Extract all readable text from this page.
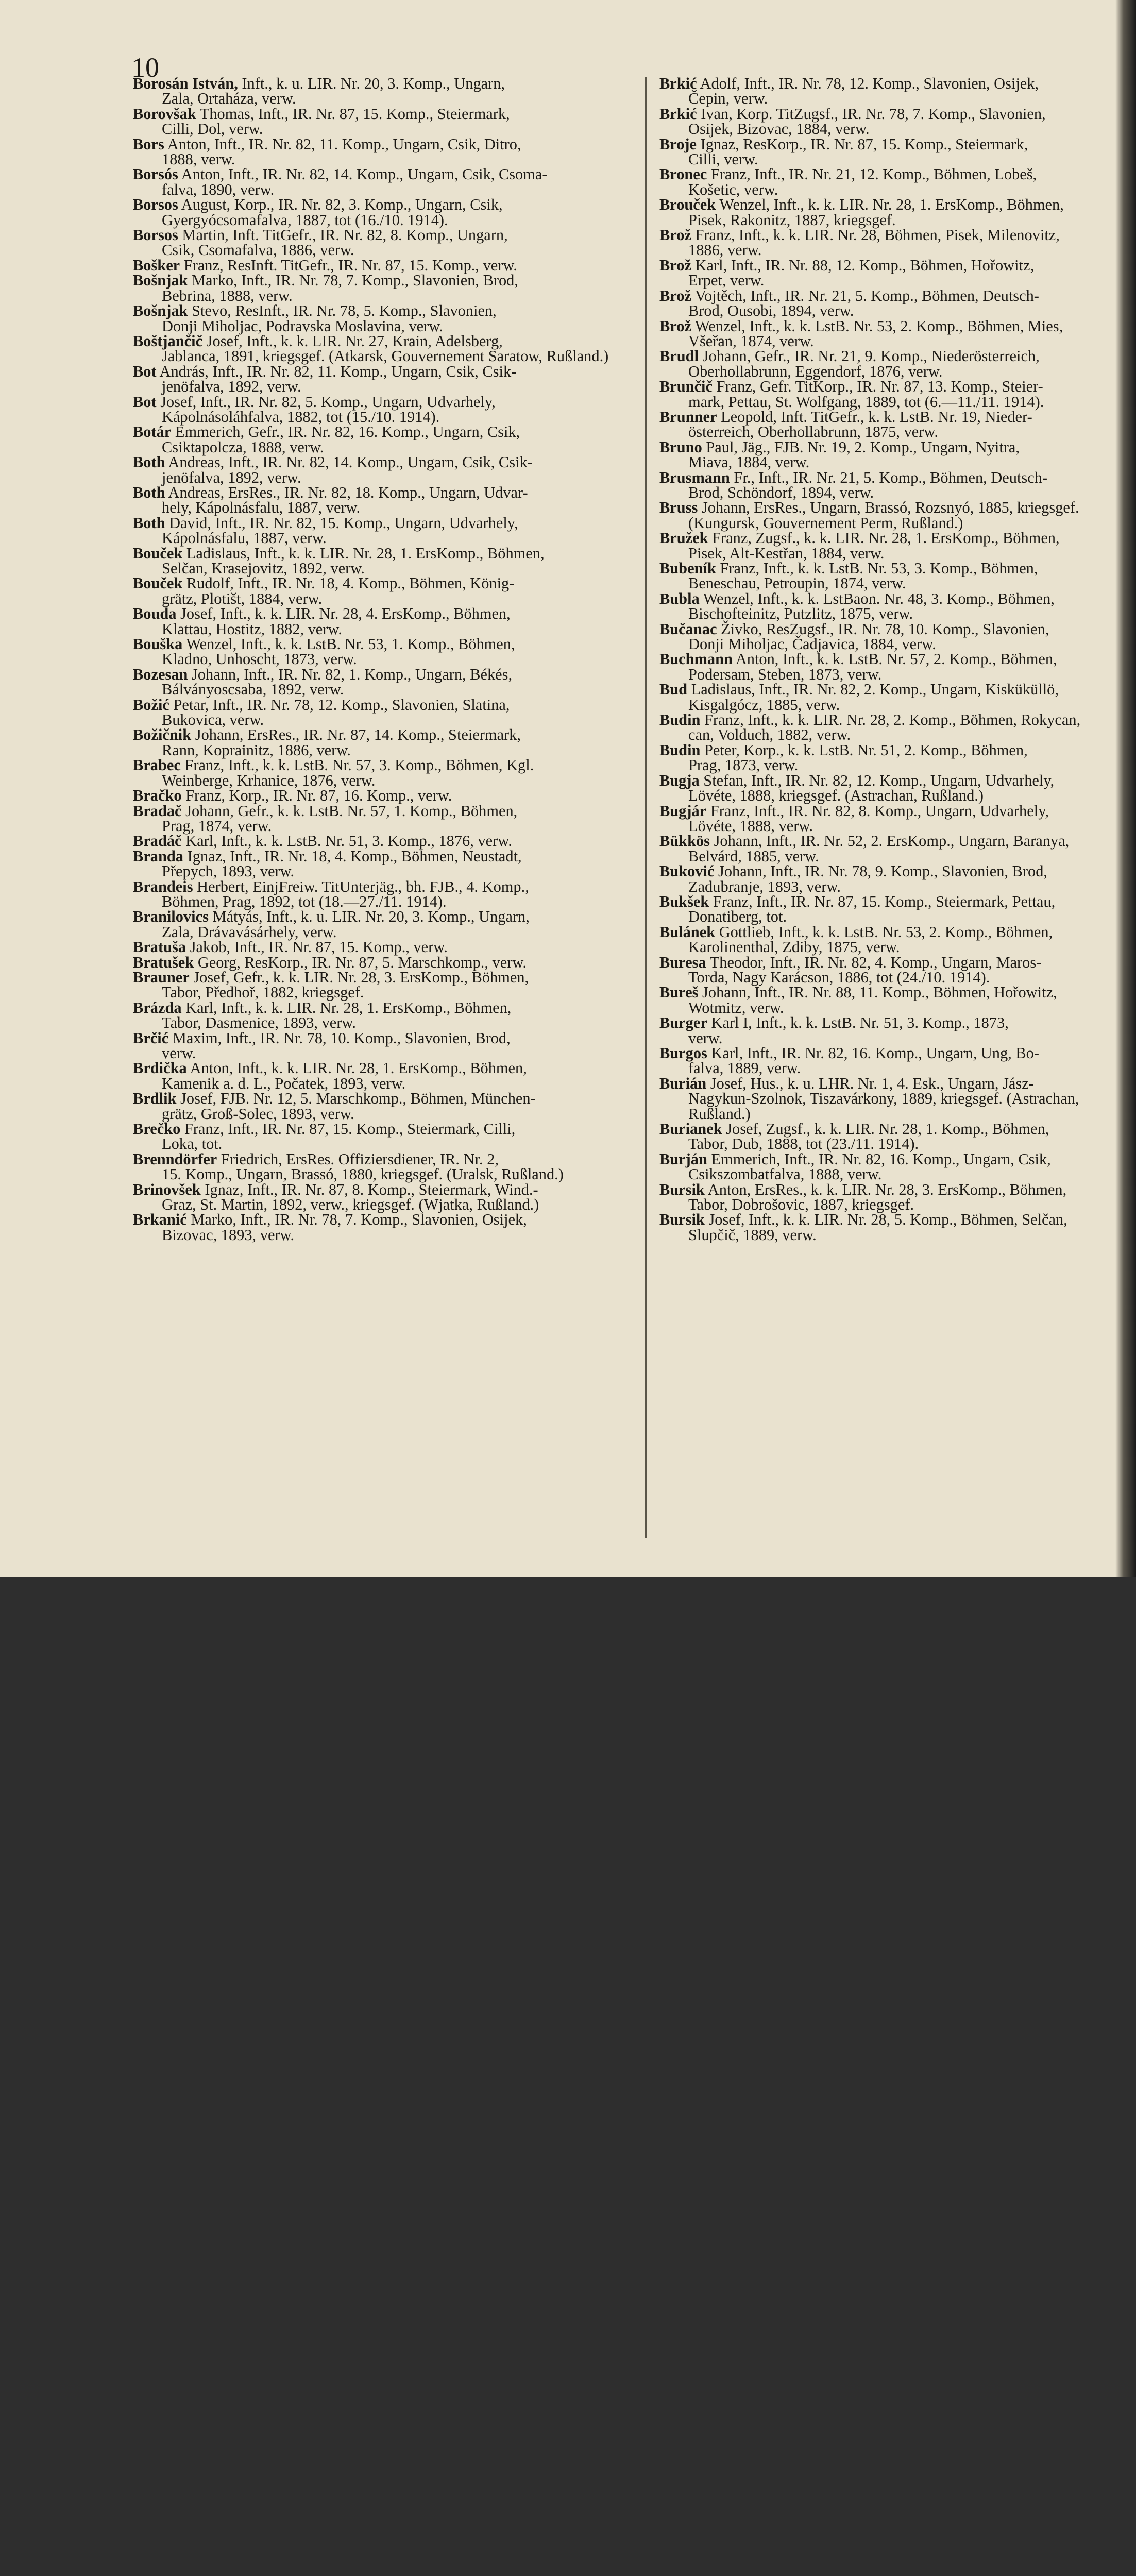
10
Borosán István, Inft., k. u. LIR. Nr. 20, 3. Komp., Ungarn,
Zala, Ortaháza, verw.
Borovšak Thomas, Inft., IR. Nr. 87, 15. Komp., Steiermark,
Cilli, Dol, verw.
Bors Anton, Inft., IR. Nr. 82, 11. Komp., Ungarn, Csik, Ditro,
1888, verw.
Borsós Anton, Inft., IR. Nr. 82, 14. Komp., Ungarn, Csik, Csoma-
falva, 1890, verw.
Borsos August, Korp., IR. Nr. 82, 3. Komp., Ungarn, Csik,
Gyergyócsomafalva, 1887, tot (16./10. 1914).
Borsos Martin, Inft. TitGefr., IR. Nr. 82, 8. Komp., Ungarn,
Csik, Csomafalva, 1886, verw.
Bošker Franz, ResInft. TitGefr., IR. Nr. 87, 15. Komp., verw.
Bošnjak Marko, Inft., IR. Nr. 78, 7. Komp., Slavonien, Brod,
Bebrina, 1888, verw.
Bošnjak Stevo, ResInft., IR. Nr. 78, 5. Komp., Slavonien,
Donji Miholjac, Podravska Moslavina, verw.
Boštjančič Josef, Inft., k. k. LIR. Nr. 27, Krain, Adelsberg,
Jablanca, 1891, kriegsgef. (Atkarsk, Gouvernement Saratow, Rußland.)
Bot András, Inft., IR. Nr. 82, 11. Komp., Ungarn, Csik, Csik-
jenöfalva, 1892, verw.
Bot Josef, Inft., IR. Nr. 82, 5. Komp., Ungarn, Udvarhely,
Kápolnásoláhfalva, 1882, tot (15./10. 1914).
Botár Emmerich, Gefr., IR. Nr. 82, 16. Komp., Ungarn, Csik,
Csiktapolcza, 1888, verw.
Both Andreas, Inft., IR. Nr. 82, 14. Komp., Ungarn, Csik, Csik-
jenöfalva, 1892, verw.
Both Andreas, ErsRes., IR. Nr. 82, 18. Komp., Ungarn, Udvar-
hely, Kápolnásfalu, 1887, verw.
Both David, Inft., IR. Nr. 82, 15. Komp., Ungarn, Udvarhely,
Kápolnásfalu, 1887, verw.
Bouček Ladislaus, Inft., k. k. LIR. Nr. 28, 1. ErsKomp., Böhmen,
Selčan, Krasejovitz, 1892, verw.
Bouček Rudolf, Inft., IR. Nr. 18, 4. Komp., Böhmen, König-
grätz, Plotišt, 1884, verw.
Bouda Josef, Inft., k. k. LIR. Nr. 28, 4. ErsKomp., Böhmen,
Klattau, Hostitz, 1882, verw.
Bouška Wenzel, Inft., k. k. LstB. Nr. 53, 1. Komp., Böhmen,
Kladno, Unhoscht, 1873, verw.
Bozesan Johann, Inft., IR. Nr. 82, 1. Komp., Ungarn, Békés,
Bálványoscsaba, 1892, verw.
Božić Petar, Inft., IR. Nr. 78, 12. Komp., Slavonien, Slatina,
Bukovica, verw.
Božičnik Johann, ErsRes., IR. Nr. 87, 14. Komp., Steiermark,
Rann, Koprainitz, 1886, verw.
Brabec Franz, Inft., k. k. LstB. Nr. 57, 3. Komp., Böhmen, Kgl.
Weinberge, Krhanice, 1876, verw.
Bračko Franz, Korp., IR. Nr. 87, 16. Komp., verw.
Bradač Johann, Gefr., k. k. LstB. Nr. 57, 1. Komp., Böhmen,
Prag, 1874, verw.
Bradáč Karl, Inft., k. k. LstB. Nr. 51, 3. Komp., 1876, verw.
Branda Ignaz, Inft., IR. Nr. 18, 4. Komp., Böhmen, Neustadt,
Přepych, 1893, verw.
Brandeis Herbert, EinjFreiw. TitUnterjäg., bh. FJB., 4. Komp.,
Böhmen, Prag, 1892, tot (18.—27./11. 1914).
Branilovics Mátyás, Inft., k. u. LIR. Nr. 20, 3. Komp., Ungarn,
Zala, Drávavásárhely, verw.
Bratuša Jakob, Inft., IR. Nr. 87, 15. Komp., verw.
Bratušek Georg, ResKorp., IR. Nr. 87, 5. Marschkomp., verw.
Brauner Josef, Gefr., k. k. LIR. Nr. 28, 3. ErsKomp., Böhmen,
Tabor, Předhoř, 1882, kriegsgef.
Brázda Karl, Inft., k. k. LIR. Nr. 28, 1. ErsKomp., Böhmen,
Tabor, Dasmenice, 1893, verw.
Brčić Maxim, Inft., IR. Nr. 78, 10. Komp., Slavonien, Brod,
verw.
Brdička Anton, Inft., k. k. LIR. Nr. 28, 1. ErsKomp., Böhmen,
Kamenik a. d. L., Počatek, 1893, verw.
Brdlik Josef, FJB. Nr. 12, 5. Marschkomp., Böhmen, München-
grätz, Groß-Solec, 1893, verw.
Brečko Franz, Inft., IR. Nr. 87, 15. Komp., Steiermark, Cilli,
Loka, tot.
Brenndörfer Friedrich, ErsRes. Offiziersdiener, IR. Nr. 2,
15. Komp., Ungarn, Brassó, 1880, kriegsgef. (Uralsk, Rußland.)
Brinovšek Ignaz, Inft., IR. Nr. 87, 8. Komp., Steiermark, Wind.-
Graz, St. Martin, 1892, verw., kriegsgef. (Wjatka, Rußland.)
Brkanić Marko, Inft., IR. Nr. 78, 7. Komp., Slavonien, Osijek,
Bizovac, 1893, verw.
Brkić Adolf, Inft., IR. Nr. 78, 12. Komp., Slavonien, Osijek,
Čepin, verw.
Brkić Ivan, Korp. TitZugsf., IR. Nr. 78, 7. Komp., Slavonien,
Osijek, Bizovac, 1884, verw.
Broje Ignaz, ResKorp., IR. Nr. 87, 15. Komp., Steiermark,
Cilli, verw.
Bronec Franz, Inft., IR. Nr. 21, 12. Komp., Böhmen, Lobeš,
Košetic, verw.
Brouček Wenzel, Inft., k. k. LIR. Nr. 28, 1. ErsKomp., Böhmen,
Pisek, Rakonitz, 1887, kriegsgef.
Brož Franz, Inft., k. k. LIR. Nr. 28, Böhmen, Pisek, Milenovitz,
1886, verw.
Brož Karl, Inft., IR. Nr. 88, 12. Komp., Böhmen, Hořowitz,
Erpet, verw.
Brož Vojtěch, Inft., IR. Nr. 21, 5. Komp., Böhmen, Deutsch-
Brod, Ousobi, 1894, verw.
Brož Wenzel, Inft., k. k. LstB. Nr. 53, 2. Komp., Böhmen, Mies,
Všeřan, 1874, verw.
Brudl Johann, Gefr., IR. Nr. 21, 9. Komp., Niederösterreich,
Oberhollabrunn, Eggendorf, 1876, verw.
Brunčič Franz, Gefr. TitKorp., IR. Nr. 87, 13. Komp., Steier-
mark, Pettau, St. Wolfgang, 1889, tot (6.—11./11. 1914).
Brunner Leopold, Inft. TitGefr., k. k. LstB. Nr. 19, Nieder-
österreich, Oberhollabrunn, 1875, verw.
Bruno Paul, Jäg., FJB. Nr. 19, 2. Komp., Ungarn, Nyitra,
Miava, 1884, verw.
Brusmann Fr., Inft., IR. Nr. 21, 5. Komp., Böhmen, Deutsch-
Brod, Schöndorf, 1894, verw.
Bruss Johann, ErsRes., Ungarn, Brassó, Rozsnyó, 1885, kriegsgef.
(Kungursk, Gouvernement Perm, Rußland.)
Bružek Franz, Zugsf., k. k. LIR. Nr. 28, 1. ErsKomp., Böhmen,
Pisek, Alt-Kestřan, 1884, verw.
Bubeník Franz, Inft., k. k. LstB. Nr. 53, 3. Komp., Böhmen,
Beneschau, Petroupin, 1874, verw.
Bubla Wenzel, Inft., k. k. LstBaon. Nr. 48, 3. Komp., Böhmen,
Bischofteinitz, Putzlitz, 1875, verw.
Bučanac Živko, ResZugsf., IR. Nr. 78, 10. Komp., Slavonien,
Donji Miholjac, Čadjavica, 1884, verw.
Buchmann Anton, Inft., k. k. LstB. Nr. 57, 2. Komp., Böhmen,
Podersam, Steben, 1873, verw.
Bud Ladislaus, Inft., IR. Nr. 82, 2. Komp., Ungarn, Kisküküllö,
Kisgalgócz, 1885, verw.
Budin Franz, Inft., k. k. LIR. Nr. 28, 2. Komp., Böhmen, Rokycan,
can, Volduch, 1882, verw.
Budin Peter, Korp., k. k. LstB. Nr. 51, 2. Komp., Böhmen,
Prag, 1873, verw.
Bugja Stefan, Inft., IR. Nr. 82, 12. Komp., Ungarn, Udvarhely,
Lövéte, 1888, kriegsgef. (Astrachan, Rußland.)
Bugjár Franz, Inft., IR. Nr. 82, 8. Komp., Ungarn, Udvarhely,
Lövéte, 1888, verw.
Bükkös Johann, Inft., IR. Nr. 52, 2. ErsKomp., Ungarn, Baranya,
Belvárd, 1885, verw.
Buković Johann, Inft., IR. Nr. 78, 9. Komp., Slavonien, Brod,
Zadubranje, 1893, verw.
Bukšek Franz, Inft., IR. Nr. 87, 15. Komp., Steiermark, Pettau,
Donatiberg, tot.
Bulánek Gottlieb, Inft., k. k. LstB. Nr. 53, 2. Komp., Böhmen,
Karolinenthal, Zdiby, 1875, verw.
Buresa Theodor, Inft., IR. Nr. 82, 4. Komp., Ungarn, Maros-
Torda, Nagy Karácson, 1886, tot (24./10. 1914).
Bureš Johann, Inft., IR. Nr. 88, 11. Komp., Böhmen, Hořowitz,
Wotmitz, verw.
Burger Karl I, Inft., k. k. LstB. Nr. 51, 3. Komp., 1873,
verw.
Burgos Karl, Inft., IR. Nr. 82, 16. Komp., Ungarn, Ung, Bo-
falva, 1889, verw.
Burián Josef, Hus., k. u. LHR. Nr. 1, 4. Esk., Ungarn, Jász-
Nagykun-Szolnok, Tiszavárkony, 1889, kriegsgef. (Astrachan,
Rußland.)
Burianek Josef, Zugsf., k. k. LIR. Nr. 28, 1. Komp., Böhmen,
Tabor, Dub, 1888, tot (23./11. 1914).
Burján Emmerich, Inft., IR. Nr. 82, 16. Komp., Ungarn, Csik,
Csikszombatfalva, 1888, verw.
Bursik Anton, ErsRes., k. k. LIR. Nr. 28, 3. ErsKomp., Böhmen,
Tabor, Dobrošovic, 1887, kriegsgef.
Bursik Josef, Inft., k. k. LIR. Nr. 28, 5. Komp., Böhmen, Selčan,
Slupčič, 1889, verw.
